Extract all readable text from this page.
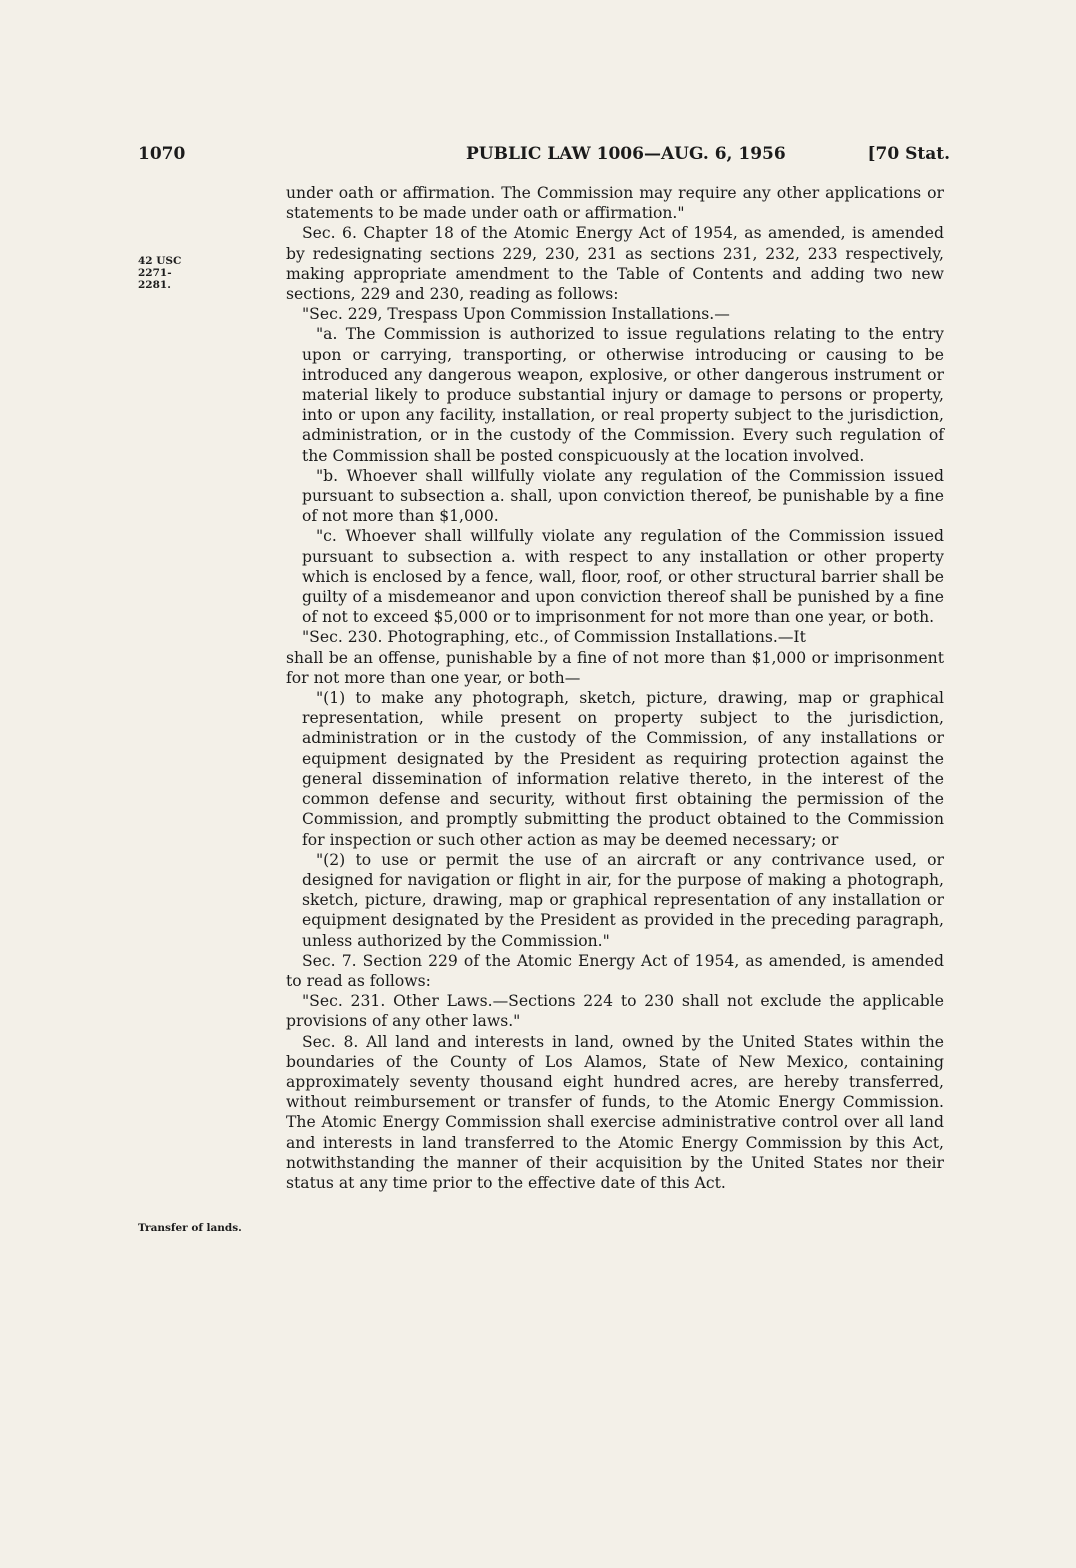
1070	PUBLIC LAW 1006—AUG. 6, 1956	[70 Stat.
42 USC 2271-2281.
Transfer of lands.

under oath or affirmation. The Commission may require any other applications or statements to be made under oath or affirmation."

Sec. 6. Chapter 18 of the Atomic Energy Act of 1954, as amended, is amended by redesignating sections 229, 230, 231 as sections 231, 232, 233 respectively, making appropriate amendment to the Table of Contents and adding two new sections, 229 and 230, reading as follows:

"Sec. 229, Trespass Upon Commission Installations.—

"a. The Commission is authorized to issue regulations relating to the entry upon or carrying, transporting, or otherwise introducing or causing to be introduced any dangerous weapon, explosive, or other dangerous instrument or material likely to produce substantial injury or damage to persons or property, into or upon any facility, installation, or real property subject to the jurisdiction, administration, or in the custody of the Commission. Every such regulation of the Commission shall be posted conspicuously at the location involved.

"b. Whoever shall willfully violate any regulation of the Commission issued pursuant to subsection a. shall, upon conviction thereof, be punishable by a fine of not more than $1,000.

"c. Whoever shall willfully violate any regulation of the Commission issued pursuant to subsection a. with respect to any installation or other property which is enclosed by a fence, wall, floor, roof, or other structural barrier shall be guilty of a misdemeanor and upon conviction thereof shall be punished by a fine of not to exceed $5,000 or to imprisonment for not more than one year, or both.

"Sec. 230. Photographing, etc., of Commission Installations.—It

shall be an offense, punishable by a fine of not more than $1,000 or imprisonment for not more than one year, or both—

"(1) to make any photograph, sketch, picture, drawing, map or graphical representation, while present on property subject to the jurisdiction, administration or in the custody of the Commission, of any installations or equipment designated by the President as requiring protection against the general dissemination of information relative thereto, in the interest of the common defense and security, without first obtaining the permission of the Commission, and promptly submitting the product obtained to the Commission for inspection or such other action as may be deemed necessary; or

"(2) to use or permit the use of an aircraft or any contrivance used, or designed for navigation or flight in air, for the purpose of making a photograph, sketch, picture, drawing, map or graphical representation of any installation or equipment designated by the President as provided in the preceding paragraph, unless authorized by the Commission."

Sec. 7. Section 229 of the Atomic Energy Act of 1954, as amended, is amended to read as follows:

"Sec. 231. Other Laws.—Sections 224 to 230 shall not exclude the applicable provisions of any other laws."

Sec. 8. All land and interests in land, owned by the United States within the boundaries of the County of Los Alamos, State of New Mexico, containing approximately seventy thousand eight hundred acres, are hereby transferred, without reimbursement or transfer of funds, to the Atomic Energy Commission. The Atomic Energy Commission shall exercise administrative control over all land and interests in land transferred to the Atomic Energy Commission by this Act, notwithstanding the manner of their acquisition by the United States nor their status at any time prior to the effective date of this Act.
